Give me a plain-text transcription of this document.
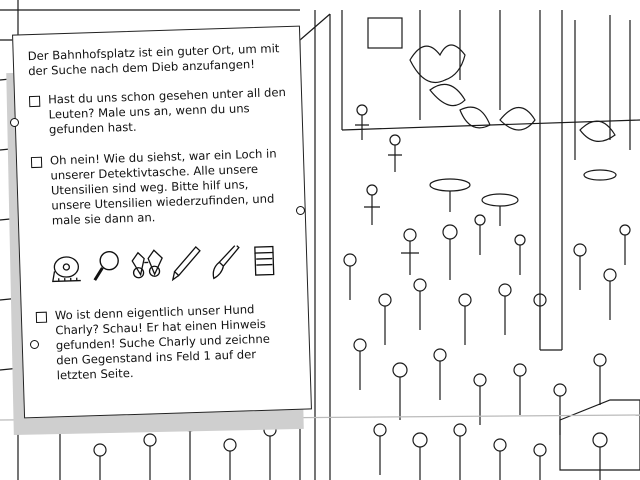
Der Bahnhofsplatz ist ein guter Ort, um mit der Suche nach dem Dieb anzufangen!

Hast du uns schon gesehen unter all den Leuten? Male uns an, wenn du uns gefunden hast.
Oh nein! Wie du siehst, war ein Loch in unserer Detektivtasche. Alle unsere Utensilien sind weg. Bitte hilf uns, unsere Utensilien wiederzufinden, und male sie dann an.
Wo ist denn eigentlich unser Hund Charly? Schau! Er hat einen Hinweis gefunden! Suche Charly und zeichne den Gegenstand ins Feld 1 auf der letzten Seite.
